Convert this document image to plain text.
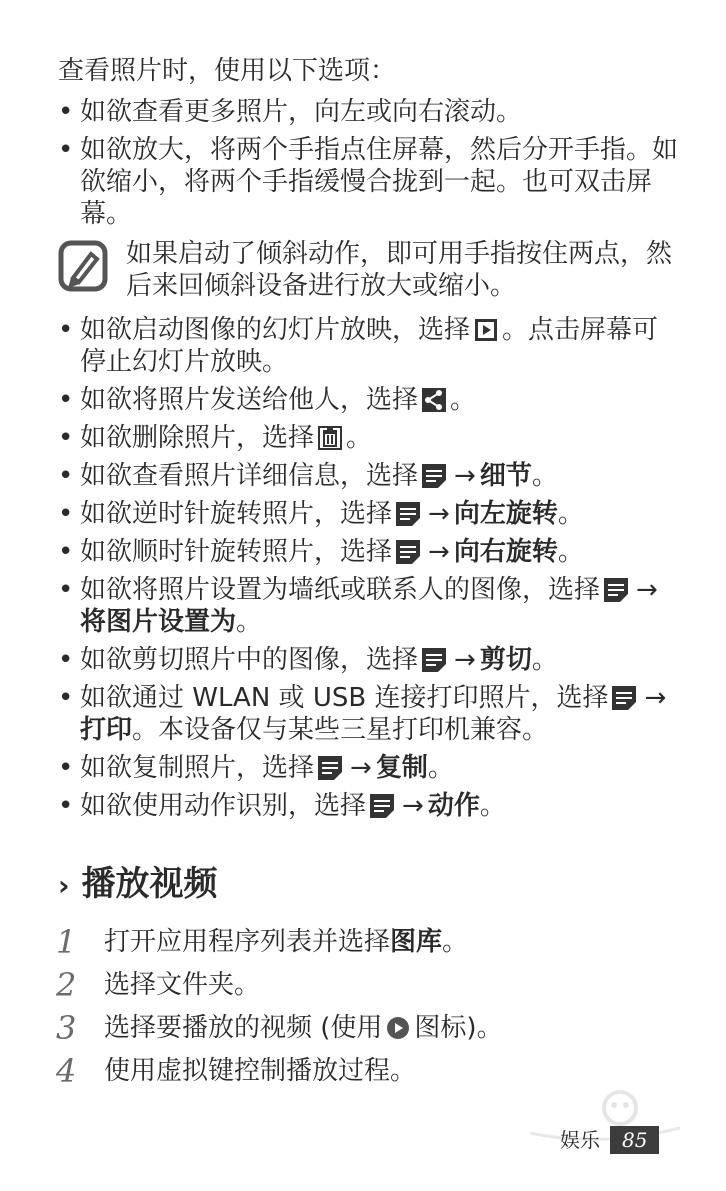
查看照片时，使用以下选项：
• 如欲查看更多照片，向左或向右滚动。
• 如欲放大，将两个手指点住屏幕，然后分开手指。如欲缩小，将两个手指缓慢合拢到一起。也可双击屏幕。
如果启动了倾斜动作，即可用手指按住两点，然后来回倾斜设备进行放大或缩小。
• 如欲启动图像的幻灯片放映，选择 。点击屏幕可停止幻灯片放映。
• 如欲将照片发送给他人，选择 。
• 如欲删除照片，选择 。
• 如欲查看照片详细信息，选择 → 细节。
• 如欲逆时针旋转照片，选择 → 向左旋转。
• 如欲顺时针旋转照片，选择 → 向右旋转。
• 如欲将照片设置为墙纸或联系人的图像，选择 →将图片设置为。
• 如欲剪切照片中的图像，选择 → 剪切。
• 如欲通过 WLAN 或 USB 连接打印照片，选择 →打印。本设备仅与某些三星打印机兼容。
• 如欲复制照片，选择 → 复制。
• 如欲使用动作识别，选择 → 动作。
› 播放视频
1 打开应用程序列表并选择图库。
2 选择文件夹。
3 选择要播放的视频 (使用 图标)。
4 使用虚拟键控制播放过程。
娱乐 85
